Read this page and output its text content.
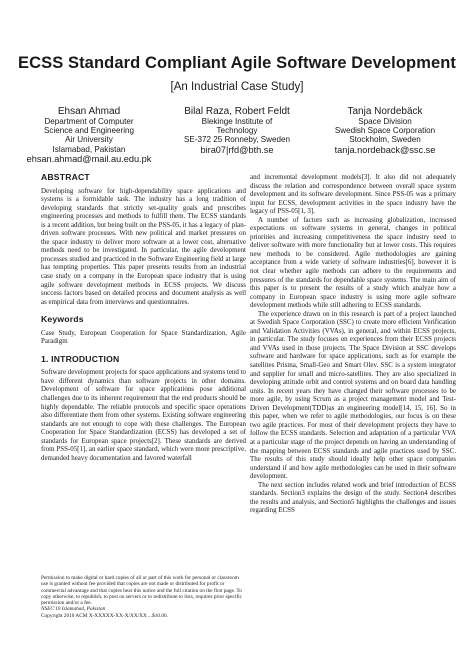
ECSS Standard Compliant Agile Software Development
[An Industrial Case Study]
Ehsan Ahmad
Department of Computer
Science and Engineering
Air University
Islamabad, Pakistan
ehsan.ahmad@mail.au.edu.pk
Bilal Raza, Robert Feldt
Blekinge Institute of
Technology
SE-372 25 Ronneby, Sweden
bira07|rfd@bth.se
Tanja Nordebäck
Space Division
Swedish Space Corporation
Stockholm, Sweden
tanja.nordeback@ssc.se
ABSTRACT

Developing software for high-dependability space applications and systems is a formidable task. The industry has a long tradition of developing standards that strictly set-quality goals and prescribes engineering processes and methods to fulfill them. The ECSS standards is a recent addition, but being built on the PSS-05, it has a legacy of plan-driven software processes. With new political and market pressures on the space industry to deliver more software at a lower cost, alternative methods need to be investigated. In particular, the agile development processes studied and practiced in the Software Engineering field at large has tempting properties. This paper presents results from an industrial case study on a company in the European space industry that is using agile software development methods in ECSS projects. We discuss success factors based on detailed process and document analysis as well as empirical data from interviews and questionnaires.

Keywords

Case Study, European Cooperation for Space Standardization, Agile Paradigm

1. INTRODUCTION

Software development projects for space applications and systems tend to have different dynamics than software projects in other domains. Development of software for space applications pose additional challenges due to its inherent requirement that the end products should be highly dependable. The reliable protocols and specific space operations also differentiate them from other systems. Existing software engineering standards are not enough to cope with these challenges. The European Cooperation for Space Standardization (ECSS) has developed a set of standards for European space projects[2]. These standards are derived from PSS-05[1], an earlier space standard, which were more prescriptive, demanded heavy documentation and favored waterfall

Permission to make digital or hard copies of all or part of this work for personal or classroom use is granted without fee provided that copies are not made or distributed for profit or commercial advantage and that copies bear this notice and the full citation on the first page. To copy otherwise, to republish, to post on servers or to redistribute to lists, requires prior specific permission and/or a fee.

NSEC'10 Islamabad, Pakistan

Copyright 2010 ACM X-XXXXX-XX-X/XX/XX ...$10.00.

and incremental development models[3]. It also did not adequately discuss the relation and correspondence between overall space system development and its software development. Since PSS-05 was a primary input for ECSS, development activities in the space industry have the legacy of PSS-05[1, 3].

A number of factors such as increasing globalization, increased expectations on software systems in general, changes in political priorities and increasing competitiveness the space industry need to deliver software with more functionality but at lower costs. This requires new methods to be considered. Agile methodologies are gaining acceptance from a wide variety of software industries[6], however it is not clear whether agile methods can adhere to the requirements and pressures of the standards for dependable space systems. The main aim of this paper is to present the results of a study which analyze how a company in European space industry is using more agile software development methods while still adhering to ECSS standards.

The experience drawn on in this research is part of a project launched at Swedish Space Corporation (SSC) to create more efficient Verification and Validation Activities (VVAs), in general, and within ECSS projects, in particular. The study focuses on experiences from their ECSS projects and VVAs used in those projects. The Space Division at SSC develops software and hardware for space applications, such as for example the satellites Prisma, Small-Geo and Smart Olev. SSC is a system integrator and supplier for small and micro-satellites. They are also specialized in developing attitude orbit and control systems and on board data handling units. In recent years they have changed their software processes to be more agile, by using Scrum as a project management model and Test-Driven Development(TDD)as an engineering model[14, 15, 16]. So in this paper, when we refer to agile methodologies, our focus is on these two agile practices. For most of their development projects they have to follow the ECSS standards. Selection and adaptation of a particular VVA at a particular stage of the project depends on having an understanding of the mapping between ECSS standards and agile practices used by SSC. The results of this study should ideally help other space companies understand if and how agile methodologies can be used in their software development.

The next section includes related work and brief introduction of ECSS standards. Section3 explains the design of the study. Section4 describes the results and analysis, and Section5 highlights the challenges and issues regarding ECSS
